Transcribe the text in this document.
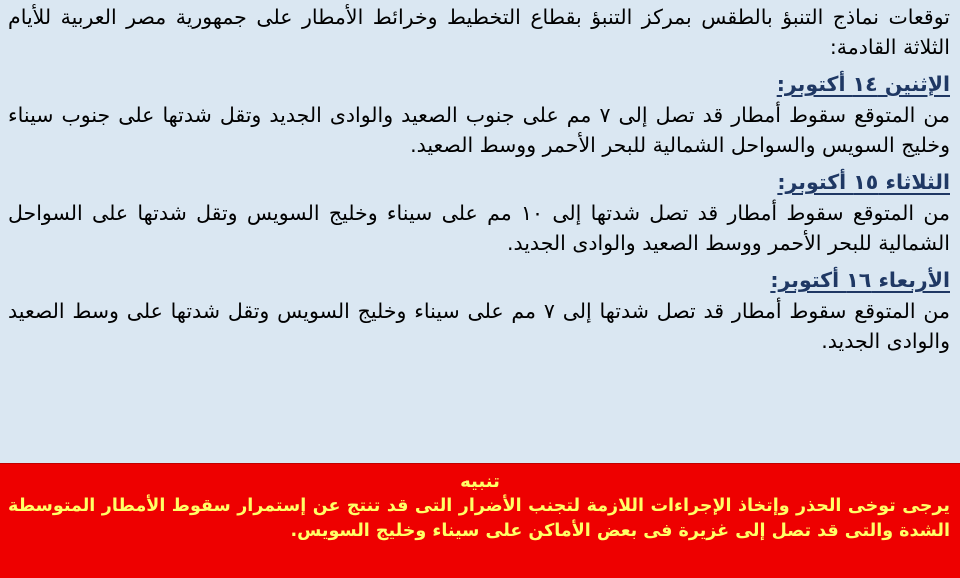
توقعات نماذج التنبؤ بالطقس بمركز التنبؤ بقطاع التخطيط وخرائط الأمطار على جمهورية مصر العربية للأيام الثلاثة القادمة:

الإثنين ١٤ أكتوبر:

من المتوقع سقوط أمطار قد تصل إلى ٧ مم على جنوب الصعيد والوادى الجديد وتقل شدتها على جنوب سيناء وخليج السويس والسواحل الشمالية للبحر الأحمر ووسط الصعيد.

الثلاثاء ١٥ أكتوبر:

من المتوقع سقوط أمطار قد تصل شدتها إلى ١٠ مم على سيناء وخليج السويس وتقل شدتها على السواحل الشمالية للبحر الأحمر ووسط الصعيد والوادى الجديد.

الأربعاء ١٦ أكتوبر:

من المتوقع سقوط أمطار قد تصل شدتها إلى ٧ مم على سيناء وخليج السويس وتقل شدتها على وسط الصعيد والوادى الجديد.

تنبيه

يرجى توخى الحذر وإتخاذ الإجراءات اللازمة لتجنب الأضرار التى قد تنتج عن إستمرار سقوط الأمطار المتوسطة الشدة والتى قد تصل إلى غزيرة فى بعض الأماكن على سيناء وخليج السويس.
